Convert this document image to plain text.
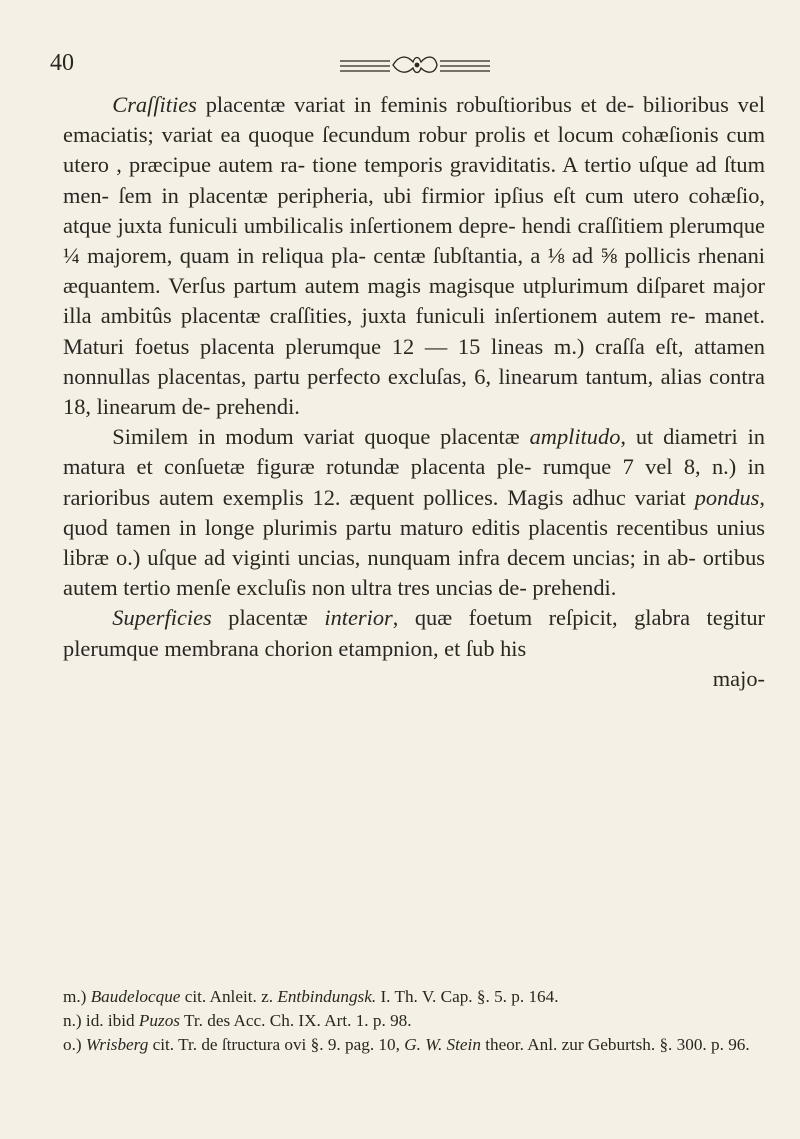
40

Craſſities placentæ variat in feminis robuſtioribus et de- bilioribus vel emaciatis; variat ea quoque ſecundum robur prolis et locum cohæſionis cum utero , præcipue autem ra- tione temporis graviditatis. A tertio uſque ad ſtum men- ſem in placentæ peripheria, ubi firmior ipſius eſt cum utero cohæſio, atque juxta funiculi umbilicalis inſertionem depre- hendi craſſitiem plerumque ¼ majorem, quam in reliqua pla- centæ ſubſtantia, a ⅛ ad ⅝ pollicis rhenani æquantem. Verſus partum autem magis magisque utplurimum diſparet major illa ambitûs placentæ craſſities, juxta funiculi inſertionem autem re- manet. Maturi foetus placenta plerumque 12 — 15 lineas m.) craſſa eſt, attamen nonnullas placentas, partu perfecto excluſas, 6, linearum tantum, alias contra 18, linearum de- prehendi.

Similem in modum variat quoque placentæ amplitudo, ut diametri in matura et conſuetæ figuræ rotundæ placenta ple- rumque 7 vel 8, n.) in rarioribus autem exemplis 12. æquent pollices. Magis adhuc variat pondus, quod tamen in longe plurimis partu maturo editis placentis recentibus unius libræ o.) uſque ad viginti uncias, nunquam infra decem uncias; in ab- ortibus autem tertio menſe excluſis non ultra tres uncias de- prehendi.

Superficies placentæ interior, quæ foetum reſpicit, glabra tegitur plerumque membrana chorion etampnion, et ſub his

majo-

m.) Baudelocque cit. Anleit. z. Entbindungsk. I. Th. V. Cap. §. 5. p. 164.

n.) id. ibid Puzos Tr. des Acc. Ch. IX. Art. 1. p. 98.

o.) Wrisberg cit. Tr. de ſtructura ovi §. 9. pag. 10, G. W. Stein theor. Anl. zur Geburtsh. §. 300. p. 96.
